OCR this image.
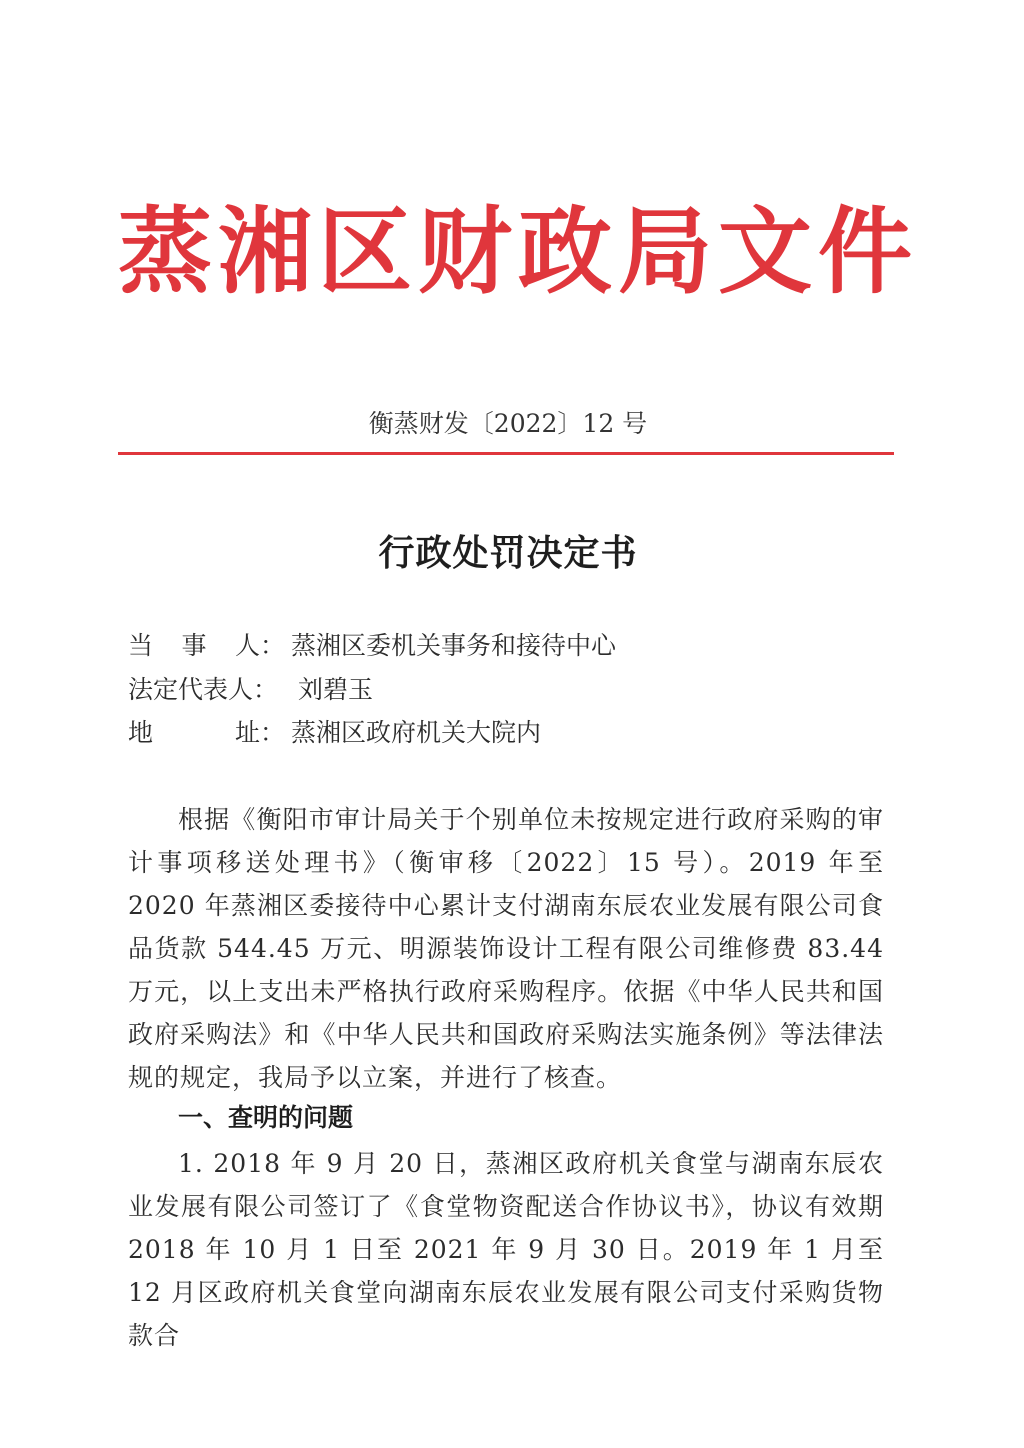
蒸湘区财政局文件
衡蒸财发〔2022〕12 号
行政处罚决定书
当 事 人 ： 蒸湘区委机关事务和接待中心
法定代表人： 刘碧玉
地	址 ： 蒸湘区政府机关大院内
根据《衡阳市审计局关于个别单位未按规定进行政府采购的审计事项移送处理书》（衡审移〔2022〕15 号）。2019 年至 2020 年蒸湘区委接待中心累计支付湖南东辰农业发展有限公司食品货款 544.45 万元、明源装饰设计工程有限公司维修费 83.44 万元，以上支出未严格执行政府采购程序。依据《中华人民共和国政府采购法》和《中华人民共和国政府采购法实施条例》等法律法规的规定，我局予以立案，并进行了核查。
一、查明的问题
1. 2018 年 9 月 20 日，蒸湘区政府机关食堂与湖南东辰农业发展有限公司签订了《食堂物资配送合作协议书》，协议有效期 2018 年 10 月 1 日至 2021 年 9 月 30 日。2019 年 1 月至 12 月区政府机关食堂向湖南东辰农业发展有限公司支付采购货物款合
